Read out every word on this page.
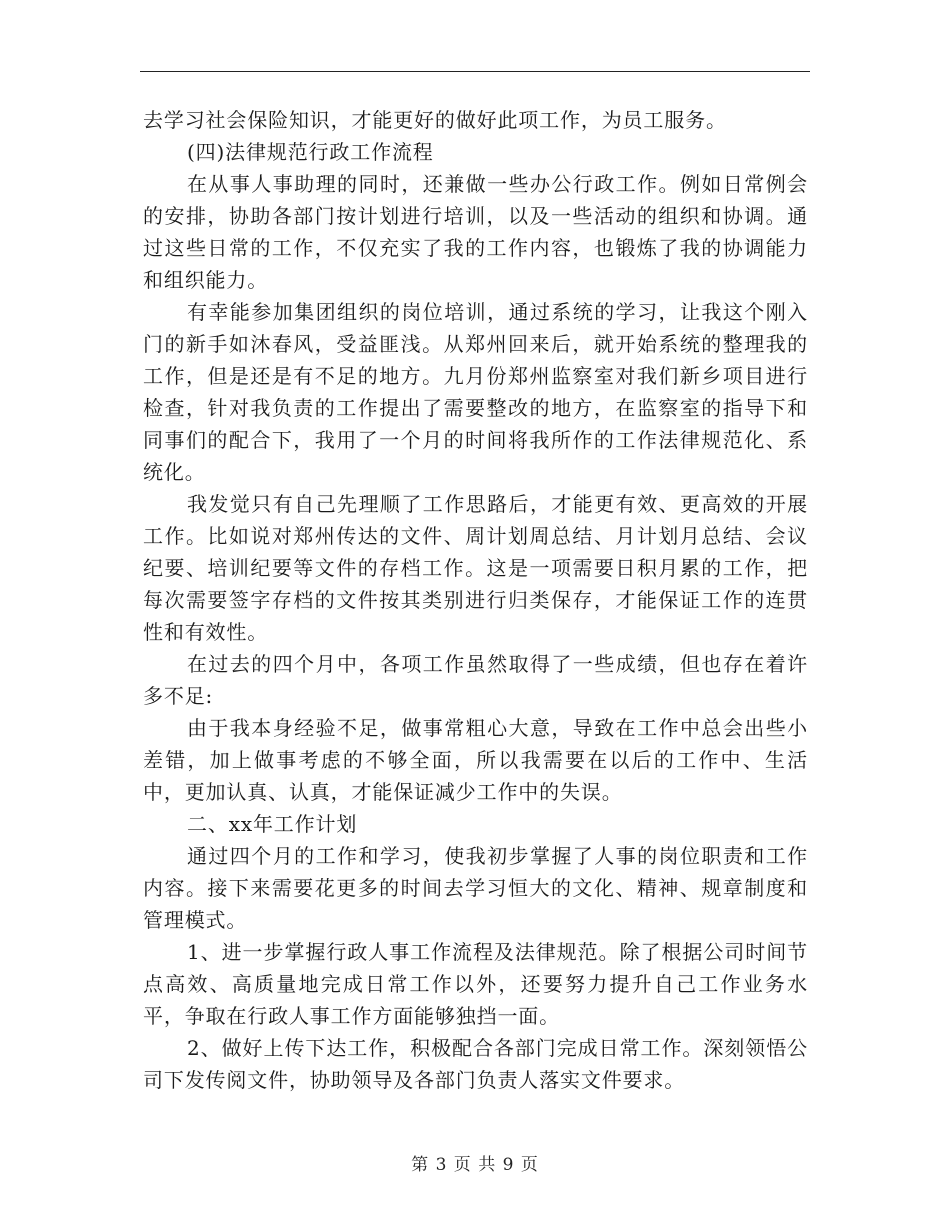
去学习社会保险知识，才能更好的做好此项工作，为员工服务。

(四)法律规范行政工作流程

在从事人事助理的同时，还兼做一些办公行政工作。例如日常例会的安排，协助各部门按计划进行培训，以及一些活动的组织和协调。通过这些日常的工作，不仅充实了我的工作内容，也锻炼了我的协调能力和组织能力。

有幸能参加集团组织的岗位培训，通过系统的学习，让我这个刚入门的新手如沐春风，受益匪浅。从郑州回来后，就开始系统的整理我的工作，但是还是有不足的地方。九月份郑州监察室对我们新乡项目进行检查，针对我负责的工作提出了需要整改的地方，在监察室的指导下和同事们的配合下，我用了一个月的时间将我所作的工作法律规范化、系统化。

我发觉只有自己先理顺了工作思路后，才能更有效、更高效的开展工作。比如说对郑州传达的文件、周计划周总结、月计划月总结、会议纪要、培训纪要等文件的存档工作。这是一项需要日积月累的工作，把每次需要签字存档的文件按其类别进行归类保存，才能保证工作的连贯性和有效性。

在过去的四个月中，各项工作虽然取得了一些成绩，但也存在着许多不足:

由于我本身经验不足，做事常粗心大意，导致在工作中总会出些小差错，加上做事考虑的不够全面，所以我需要在以后的工作中、生活中，更加认真、认真，才能保证减少工作中的失误。

二、xx年工作计划

通过四个月的工作和学习，使我初步掌握了人事的岗位职责和工作内容。接下来需要花更多的时间去学习恒大的文化、精神、规章制度和管理模式。

1、进一步掌握行政人事工作流程及法律规范。除了根据公司时间节点高效、高质量地完成日常工作以外，还要努力提升自己工作业务水平，争取在行政人事工作方面能够独挡一面。

2、做好上传下达工作，积极配合各部门完成日常工作。深刻领悟公司下发传阅文件，协助领导及各部门负责人落实文件要求。

第 3 页 共 9 页
